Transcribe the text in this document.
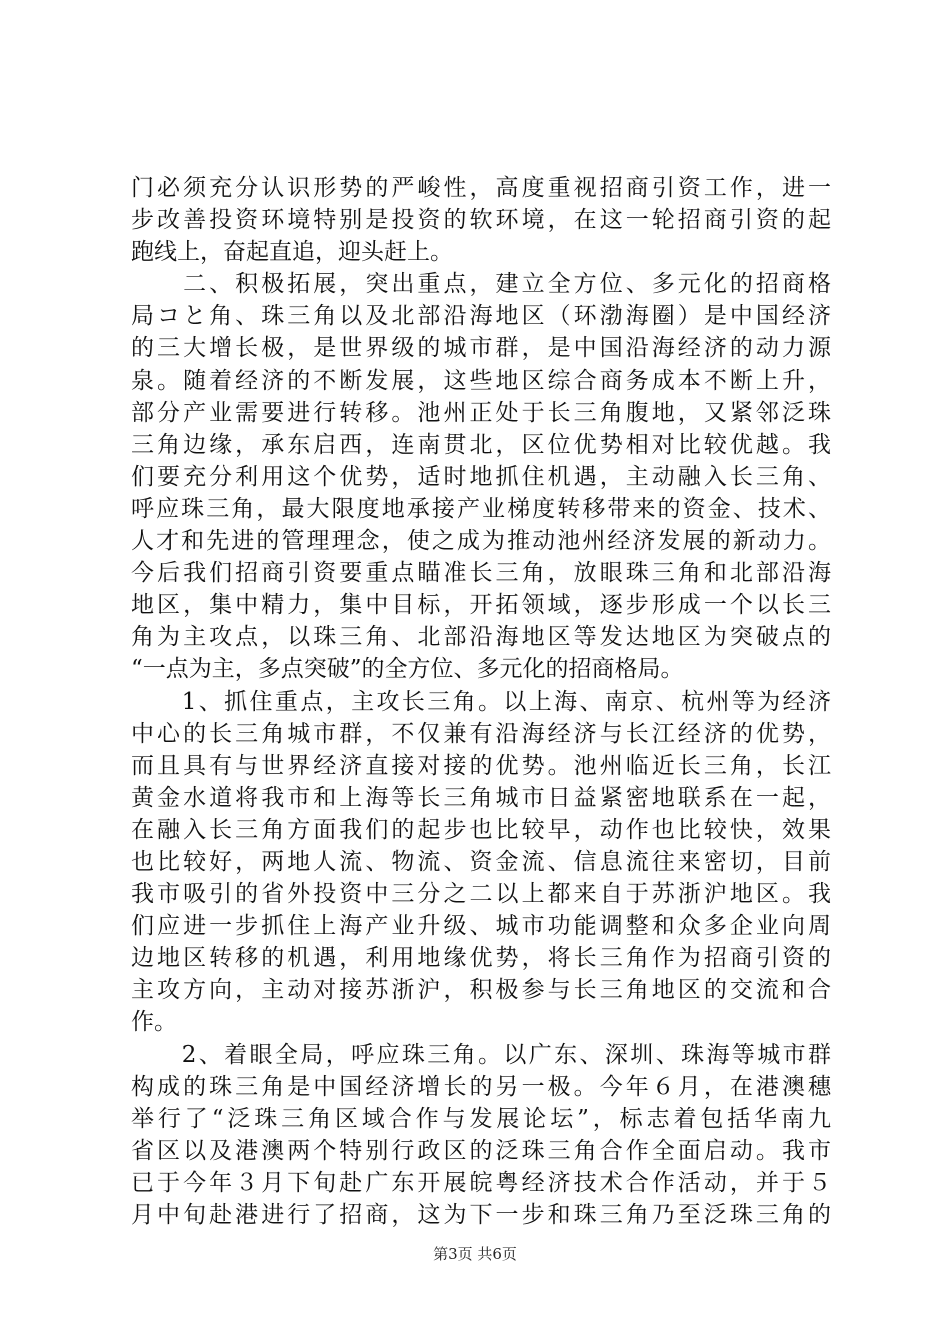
门必须充分认识形势的严峻性，高度重视招商引资工作，进一
步改善投资环境特别是投资的软环境，在这一轮招商引资的起
跑线上，奋起直追，迎头赶上。
　　二、积极拓展，突出重点，建立全方位、多元化的招商格
局コと角、珠三角以及北部沿海地区（环渤海圈）是中国经济
的三大增长极，是世界级的城市群，是中国沿海经济的动力源
泉。随着经济的不断发展，这些地区综合商务成本不断上升，
部分产业需要进行转移。池州正处于长三角腹地，又紧邻泛珠
三角边缘，承东启西，连南贯北，区位优势相对比较优越。我
们要充分利用这个优势，适时地抓住机遇，主动融入长三角、
呼应珠三角，最大限度地承接产业梯度转移带来的资金、技术、
人才和先进的管理理念，使之成为推动池州经济发展的新动力。
今后我们招商引资要重点瞄准长三角，放眼珠三角和北部沿海
地区，集中精力，集中目标，开拓领域，逐步形成一个以长三
角为主攻点，以珠三角、北部沿海地区等发达地区为突破点的
“一点为主，多点突破”的全方位、多元化的招商格局。
　　1、抓住重点，主攻长三角。以上海、南京、杭州等为经济
中心的长三角城市群，不仅兼有沿海经济与长江经济的优势，
而且具有与世界经济直接对接的优势。池州临近长三角，长江
黄金水道将我市和上海等长三角城市日益紧密地联系在一起，
在融入长三角方面我们的起步也比较早，动作也比较快，效果
也比较好，两地人流、物流、资金流、信息流往来密切，目前
我市吸引的省外投资中三分之二以上都来自于苏浙沪地区。我
们应进一步抓住上海产业升级、城市功能调整和众多企业向周
边地区转移的机遇，利用地缘优势，将长三角作为招商引资的
主攻方向，主动对接苏浙沪，积极参与长三角地区的交流和合
作。
　　2、着眼全局，呼应珠三角。以广东、深圳、珠海等城市群
构成的珠三角是中国经济增长的另一极。今年６月，在港澳穗
举行了“泛珠三角区域合作与发展论坛”，标志着包括华南九
省区以及港澳两个特别行政区的泛珠三角合作全面启动。我市
已于今年３月下旬赴广东开展皖粤经济技术合作活动，并于５
月中旬赴港进行了招商，这为下一步和珠三角乃至泛珠三角的
第3页 共6页
